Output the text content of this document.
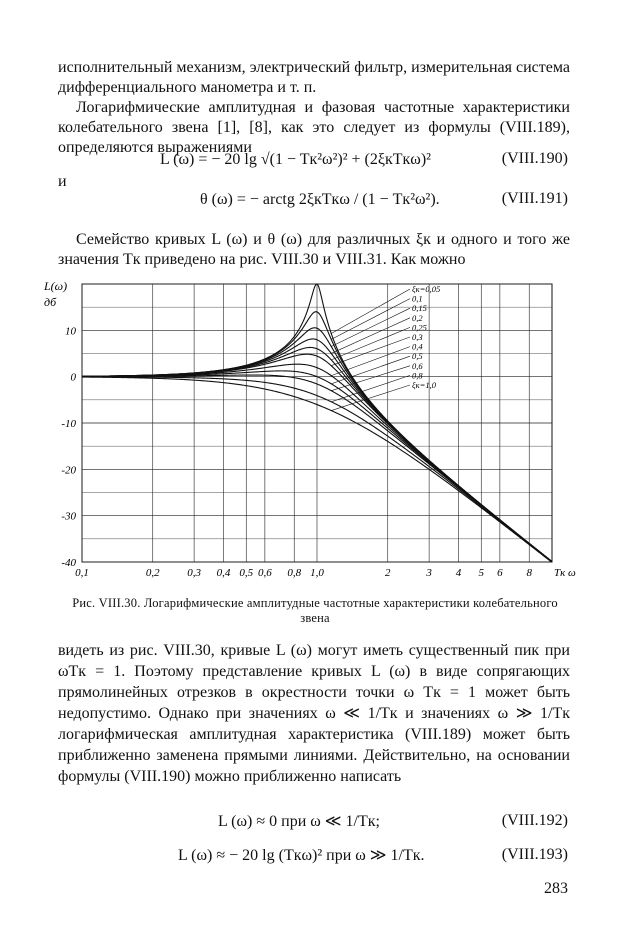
исполнительный механизм, электрический фильтр, измерительная система дифференциального манометра и т. п.

Логарифмические амплитудная и фазовая частотные характеристики колебательного звена [1], [8], как это следует из формулы (VIII.189), определяются выражениями

L (ω) = − 20 lg √(1 − Tк²ω²)² + (2ξкTкω)²	(VIII.190)
и
θ (ω) = − arctg 2ξкTкω / (1 − Tк²ω²).	(VIII.191)

Семейство кривых L (ω) и θ (ω) для различных ξк и одного и того же значения Tк приведено на рис. VIII.30 и VIII.31. Как можно

0,1	0,2	0,3 0,4 0,5 0,6 0,8 1,0	2	3 4 5 6 8
10
0
-10
-20
-30
-40
L(ω)
дб
Tк ω
ξк=0,05
0,1
0,15
0,2
0,25
0,3
0,4
0,5
0,6
0,8
ξк=1,0
Рис. VIII.30. Логарифмические амплитудные частотные характеристики колебательного звена

видеть из рис. VIII.30, кривые L (ω) могут иметь существенный пик при ωTк = 1. Поэтому представление кривых L (ω) в виде сопрягающих прямолинейных отрезков в окрестности точки ω Tк = 1 может быть недопустимо. Однако при значениях ω ≪ 1/Tк и значениях ω ≫ 1/Tк логарифмическая амплитудная характеристика (VIII.189) может быть приближенно заменена прямыми линиями. Действительно, на основании формулы (VIII.190) можно приближенно написать

L (ω) ≈ 0 при ω ≪ 1/Tк;	(VIII.192)
L (ω) ≈ − 20 lg (Tкω)² при ω ≫ 1/Tк.	(VIII.193)
283
